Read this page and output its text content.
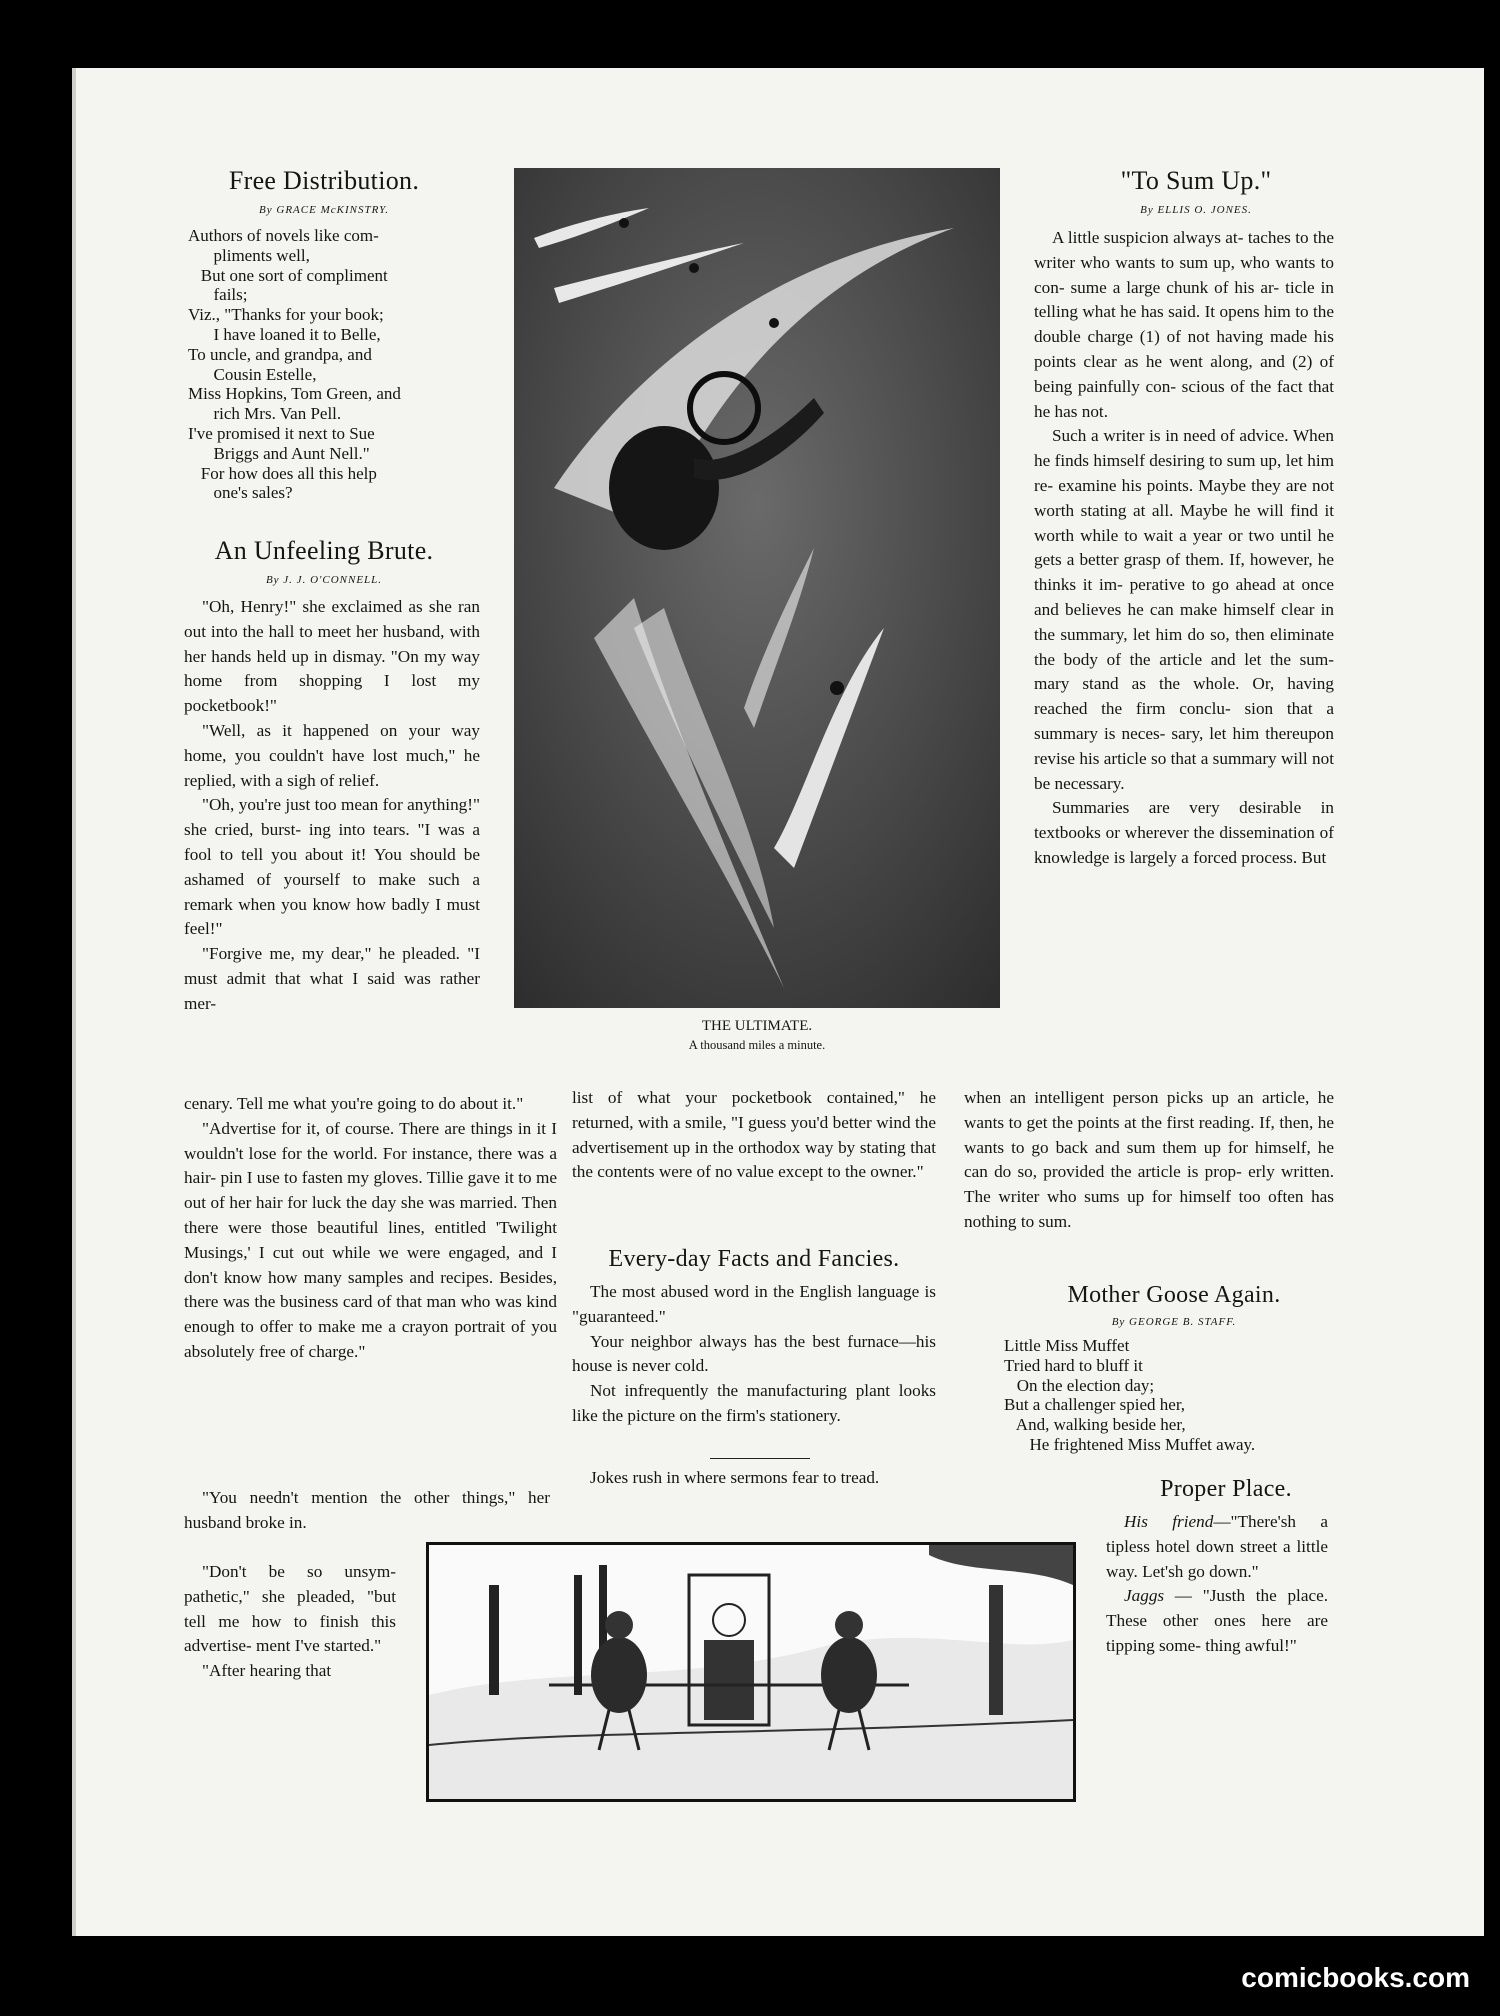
Free Distribution.
By GRACE McKINSTRY.
Authors of novels like com-
pliments well,
But one sort of compliment
fails;
Viz., "Thanks for your book;
I have loaned it to Belle,
To uncle, and grandpa, and
Cousin Estelle,
Miss Hopkins, Tom Green, and
rich Mrs. Van Pell.
I've promised it next to Sue
Briggs and Aunt Nell."
For how does all this help
one's sales?
An Unfeeling Brute.
By J. J. O'CONNELL.

"Oh, Henry!" she exclaimed as she ran out into the hall to meet her husband, with her hands held up in dismay. "On my way home from shopping I lost my pocketbook!"

"Well, as it happened on your way home, you couldn't have lost much," he replied, with a sigh of relief.

"Oh, you're just too mean for anything!" she cried, burst- ing into tears. "I was a fool to tell you about it! You should be ashamed of yourself to make such a remark when you know how badly I must feel!"

"Forgive me, my dear," he pleaded. "I must admit that what I said was rather mer-

cenary. Tell me what you're going to do about it."

"Advertise for it, of course. There are things in it I wouldn't lose for the world. For instance, there was a hair- pin I use to fasten my gloves. Tillie gave it to me out of her hair for luck the day she was married. Then there were those beautiful lines, entitled 'Twilight Musings,' I cut out while we were engaged, and I don't know how many samples and recipes. Besides, there was the business card of that man who was kind enough to offer to make me a crayon portrait of you absolutely free of charge."

"You needn't mention the other things," her husband broke in.

"Don't be so unsym- pathetic," she pleaded, "but tell me how to finish this advertise- ment I've started."

"After hearing that

THE ULTIMATE.
A thousand miles a minute.

list of what your pocketbook contained," he returned, with a smile, "I guess you'd better wind the advertisement up in the orthodox way by stating that the contents were of no value except to the owner."

Every-day Facts and Fancies.

The most abused word in the English language is "guaranteed."

Your neighbor always has the best furnace—his house is never cold.

Not infrequently the manufacturing plant looks like the picture on the firm's stationery.

Jokes rush in where sermons fear to tread.

"To Sum Up."
By ELLIS O. JONES.

A little suspicion always at- taches to the writer who wants to sum up, who wants to con- sume a large chunk of his ar- ticle in telling what he has said. It opens him to the double charge (1) of not having made his points clear as he went along, and (2) of being painfully con- scious of the fact that he has not.

Such a writer is in need of advice. When he finds himself desiring to sum up, let him re- examine his points. Maybe they are not worth stating at all. Maybe he will find it worth while to wait a year or two until he gets a better grasp of them. If, however, he thinks it im- perative to go ahead at once and believes he can make himself clear in the summary, let him do so, then eliminate the body of the article and let the sum- mary stand as the whole. Or, having reached the firm conclu- sion that a summary is neces- sary, let him thereupon revise his article so that a summary will not be necessary.

Summaries are very desirable in textbooks or wherever the dissemination of knowledge is largely a forced process. But

when an intelligent person picks up an article, he wants to get the points at the first reading. If, then, he wants to go back and sum them up for himself, he can do so, provided the article is prop- erly written. The writer who sums up for himself too often has nothing to sum.

Mother Goose Again.
By GEORGE B. STAFF.
Little Miss Muffet
Tried hard to bluff it
On the election day;
But a challenger spied her,
And, walking beside her,
He frightened Miss Muffet away.
Proper Place.

His friend—"There'sh a tipless hotel down street a little way. Let'sh go down."

Jaggs — "Justh the place. These other ones here are tipping some- thing awful!"

comicbooks.com
